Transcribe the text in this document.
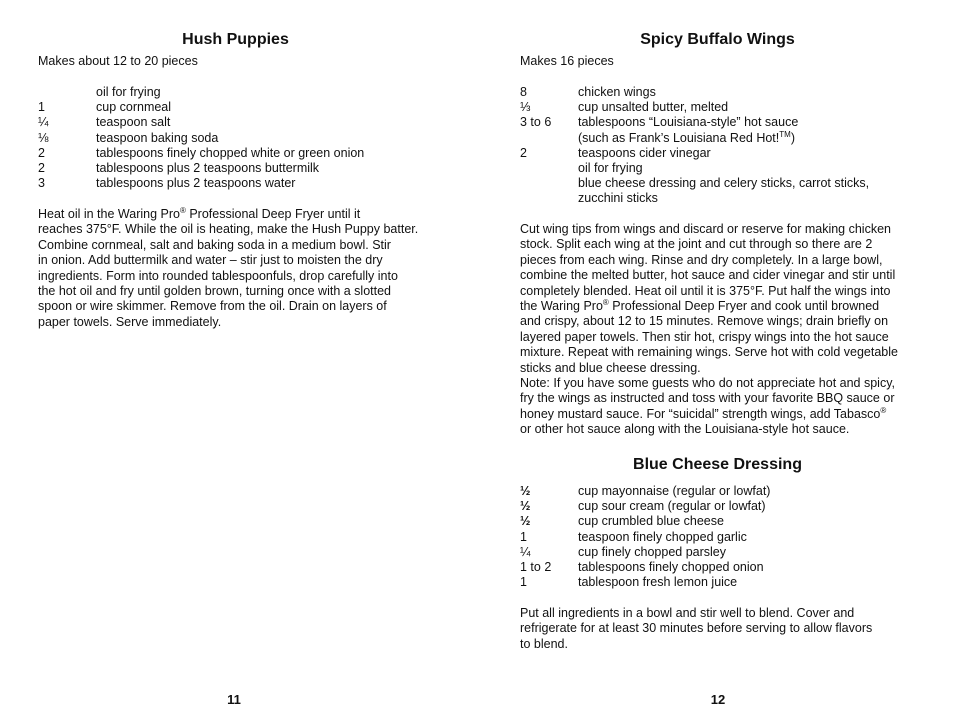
Hush Puppies
Makes about 12 to 20 pieces
oil for frying
1	cup cornmeal
¼	teaspoon salt
⅛	teaspoon baking soda
2	tablespoons finely chopped white or green onion
2	tablespoons plus 2 teaspoons buttermilk
3	tablespoons plus 2 teaspoons water

Heat oil in the Waring Pro® Professional Deep Fryer until it
reaches 375°F. While the oil is heating, make the Hush Puppy batter.
Combine cornmeal, salt and baking soda in a medium bowl. Stir
in onion. Add buttermilk and water – stir just to moisten the dry
ingredients. Form into rounded tablespoonfuls, drop carefully into
the hot oil and fry until golden brown, turning once with a slotted
spoon or wire skimmer. Remove from the oil. Drain on layers of
paper towels. Serve immediately.

11
Spicy Buffalo Wings
Makes 16 pieces
8	chicken wings
⅓	cup unsalted butter, melted
3 to 6	tablespoons “Louisiana-style” hot sauce
(such as Frank’s Louisiana Red Hot!™)
2	teaspoons cider vinegar
oil for frying
blue cheese dressing and celery sticks, carrot sticks,
zucchini sticks

Cut wing tips from wings and discard or reserve for making chicken
stock. Split each wing at the joint and cut through so there are 2
pieces from each wing. Rinse and dry completely. In a large bowl,
combine the melted butter, hot sauce and cider vinegar and stir until
completely blended. Heat oil until it is 375°F. Put half the wings into
the Waring Pro® Professional Deep Fryer and cook until browned
and crispy, about 12 to 15 minutes. Remove wings; drain briefly on
layered paper towels. Then stir hot, crispy wings into the hot sauce
mixture. Repeat with remaining wings. Serve hot with cold vegetable
sticks and blue cheese dressing.

Note: If you have some guests who do not appreciate hot and spicy,
fry the wings as instructed and toss with your favorite BBQ sauce or
honey mustard sauce. For “suicidal” strength wings, add Tabasco®
or other hot sauce along with the Louisiana-style hot sauce.

Blue Cheese Dressing
½	cup mayonnaise (regular or lowfat)
½	cup sour cream (regular or lowfat)
½	cup crumbled blue cheese
1	teaspoon finely chopped garlic
¼	cup finely chopped parsley
1 to 2	tablespoons finely chopped onion
1	tablespoon fresh lemon juice

Put all ingredients in a bowl and stir well to blend. Cover and
refrigerate for at least 30 minutes before serving to allow flavors
to blend.

12
